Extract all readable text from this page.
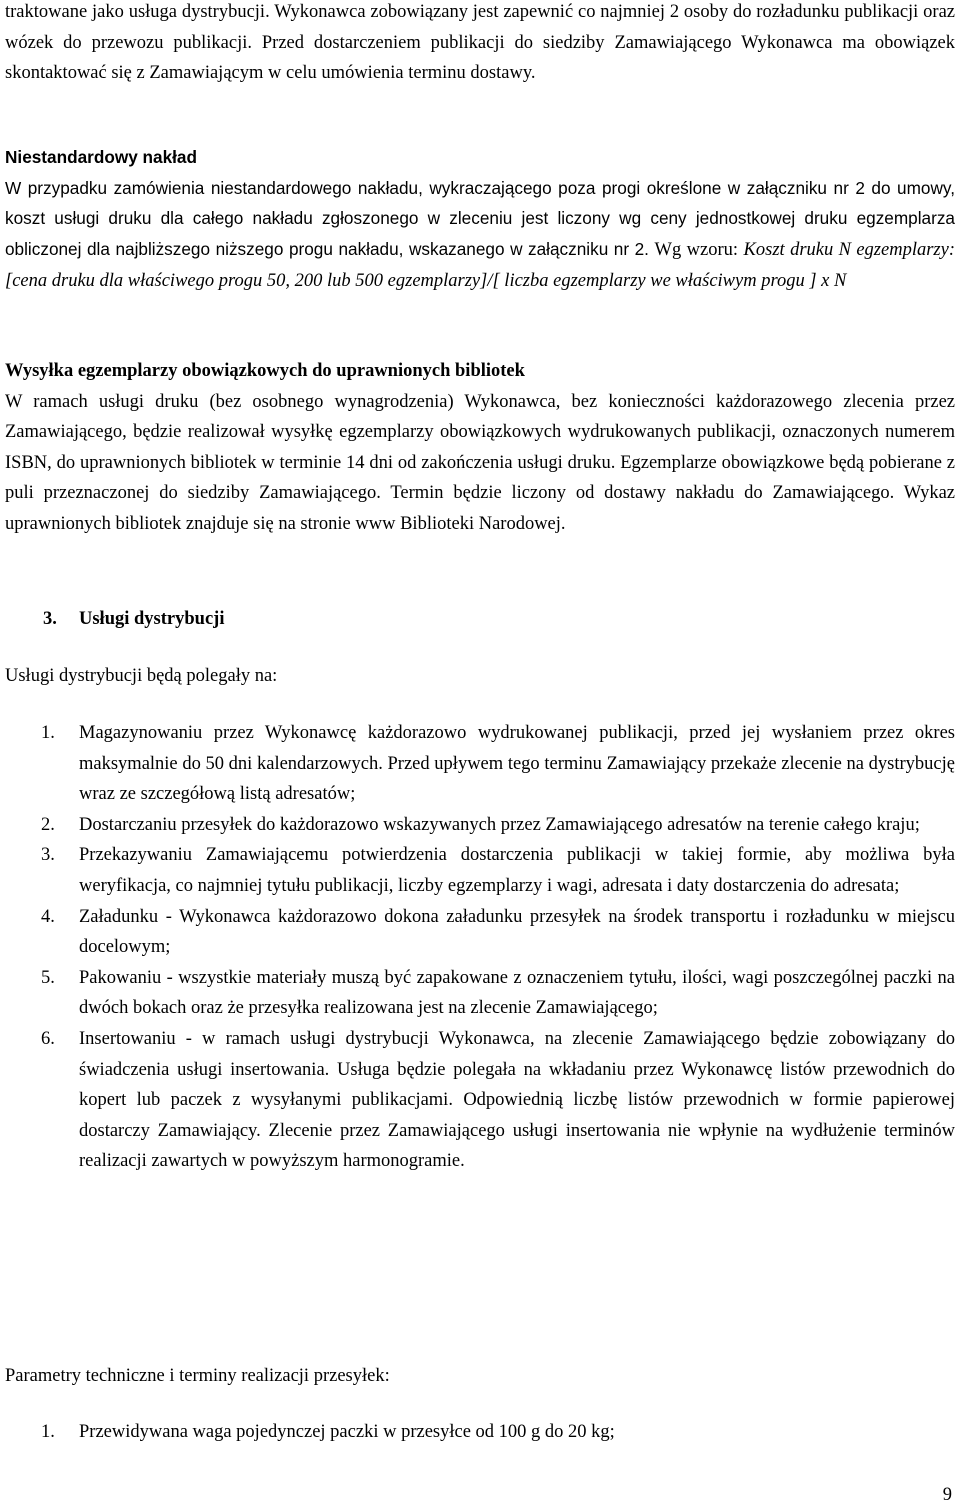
traktowane jako usługa dystrybucji. Wykonawca zobowiązany jest zapewnić co najmniej 2 osoby do rozładunku publikacji oraz wózek do przewozu publikacji. Przed dostarczeniem publikacji do siedziby Zamawiającego Wykonawca ma obowiązek skontaktować się z Zamawiającym w celu umówienia terminu dostawy.

Niestandardowy nakład

W przypadku zamówienia niestandardowego nakładu, wykraczającego poza progi określone w załączniku nr 2 do umowy, koszt usługi druku dla całego nakładu zgłoszonego w zleceniu jest liczony wg ceny jednostkowej druku egzemplarza obliczonej dla najbliższego niższego progu nakładu, wskazanego w załączniku nr 2. Wg wzoru: Koszt druku N egzemplarzy: [cena druku dla właściwego progu 50, 200 lub 500 egzemplarzy]/[ liczba egzemplarzy we właściwym progu ] x N

Wysyłka egzemplarzy obowiązkowych do uprawnionych bibliotek

W ramach usługi druku (bez osobnego wynagrodzenia) Wykonawca, bez konieczności każdorazowego zlecenia przez Zamawiającego, będzie realizował wysyłkę egzemplarzy obowiązkowych wydrukowanych publikacji, oznaczonych numerem ISBN, do uprawnionych bibliotek w terminie 14 dni od zakończenia usługi druku. Egzemplarze obowiązkowe będą pobierane z puli przeznaczonej do siedziby Zamawiającego. Termin będzie liczony od dostawy nakładu do Zamawiającego. Wykaz uprawnionych bibliotek znajduje się na stronie www Biblioteki Narodowej.

3. Usługi dystrybucji

Usługi dystrybucji będą polegały na:

1. Magazynowaniu przez Wykonawcę każdorazowo wydrukowanej publikacji, przed jej wysłaniem przez okres maksymalnie do 50 dni kalendarzowych. Przed upływem tego terminu Zamawiający przekaże zlecenie na dystrybucję wraz ze szczegółową listą adresatów;

2. Dostarczaniu przesyłek do każdorazowo wskazywanych przez Zamawiającego adresatów na terenie całego kraju;

3. Przekazywaniu Zamawiającemu potwierdzenia dostarczenia publikacji w takiej formie, aby możliwa była weryfikacja, co najmniej tytułu publikacji, liczby egzemplarzy i wagi, adresata i daty dostarczenia do adresata;

4. Załadunku - Wykonawca każdorazowo dokona załadunku przesyłek na środek transportu i rozładunku w miejscu docelowym;

5. Pakowaniu - wszystkie materiały muszą być zapakowane z oznaczeniem tytułu, ilości, wagi poszczególnej paczki na dwóch bokach oraz że przesyłka realizowana jest na zlecenie Zamawiającego;

6. Insertowaniu - w ramach usługi dystrybucji Wykonawca, na zlecenie Zamawiającego będzie zobowiązany do świadczenia usługi insertowania. Usługa będzie polegała na wkładaniu przez Wykonawcę listów przewodnich do kopert lub paczek z wysyłanymi publikacjami. Odpowiednią liczbę listów przewodnich w formie papierowej dostarczy Zamawiający. Zlecenie przez Zamawiającego usługi insertowania nie wpłynie na wydłużenie terminów realizacji zawartych w powyższym harmonogramie.

Parametry techniczne i terminy realizacji przesyłek:

1. Przewidywana waga pojedynczej paczki w przesyłce od 100 g do 20 kg;

9
